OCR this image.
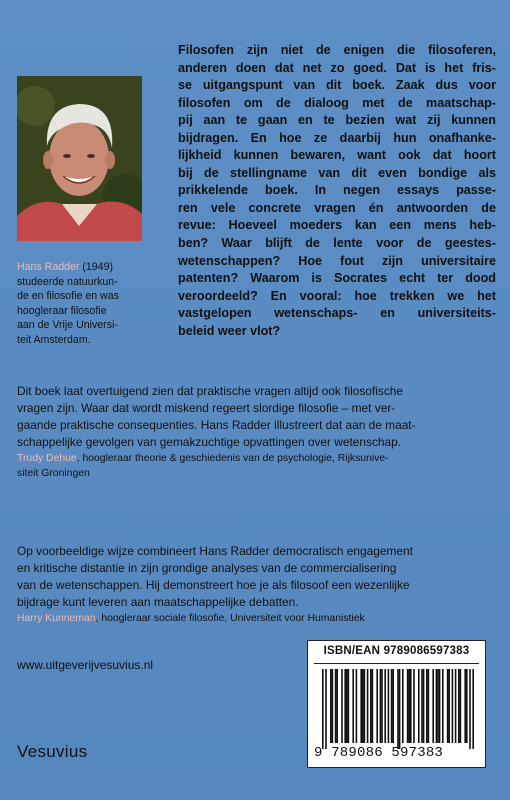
Hans Radder (1949)
studeerde natuurkun-
de en filosofie en was
hoogleraar filosofie
aan de Vrije Universi-
teit Amsterdam.
Filosofen zijn niet de enigen die filosoferen,
anderen doen dat net zo goed. Dat is het fris-
se uitgangspunt van dit boek. Zaak dus voor
filosofen om de dialoog met de maatschap-
pij aan te gaan en te bezien wat zij kunnen
bijdragen. En hoe ze daarbij hun onafhanke-
lijkheid kunnen bewaren, want ook dat hoort
bij de stellingname van dit even bondige als
prikkelende boek. In negen essays passe-
ren vele concrete vragen én antwoorden de
revue: Hoeveel moeders kan een mens heb-
ben? Waar blijft de lente voor de geestes-
wetenschappen? Hoe fout zijn universitaire
patenten? Waarom is Socrates echt ter dood
veroordeeld? En vooral: hoe trekken we het
vastgelopen wetenschaps- en universiteits-
beleid weer vlot?
Dit boek laat overtuigend zien dat praktische vragen altijd ook filosofische
vragen zijn. Waar dat wordt miskend regeert slordige filosofie – met ver-
gaande praktische consequenties. Hans Radder illustreert dat aan de maat-
schappelijke gevolgen van gemakzuchtige opvattingen over wetenschap.
Trudy Dehue, hoogleraar theorie & geschiedenis van de psychologie, Rijksunive-
siteit Groningen
Op voorbeeldige wijze combineert Hans Radder democratisch engagement
en kritische distantie in zijn grondige analyses van de commercialisering
van de wetenschappen. Hij demonstreert hoe je als filosoof een wezenlijke
bijdrage kunt leveren aan maatschappelijke debatten.
Harry Kunneman, hoogleraar sociale filosofie, Universiteit voor Humanistiek
www.uitgeverijvesuvius.nl
Vesuvius
ISBN/EAN 9789086597383
9 789086 597383
